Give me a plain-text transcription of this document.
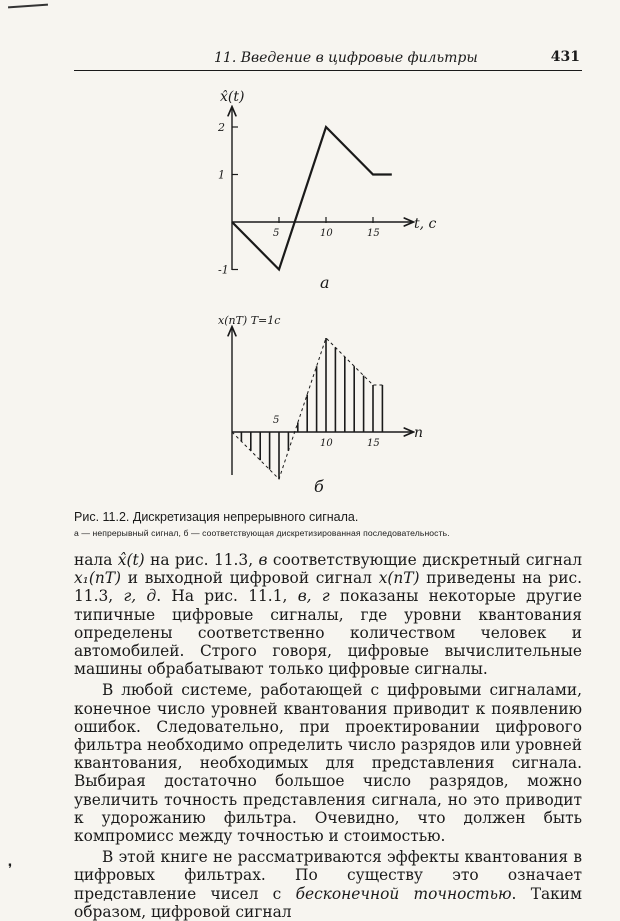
11. Введение в цифровые фильтры	431
5	10	15
2
1
-1
x̂(t)
t, с
а
5
10	15
x(nT) T=1с
n
б
Рис. 11.2. Дискретизация непрерывного сигнала.
а — непрерывный сигнал, б — соответствующая дискретизированная последовательность.

нала x̂(t) на рис. 11.3, в соответствующие дискретный сигнал x₁(nT) и выходной цифровой сигнал x(nT) приведены на рис. 11.3, г, д. На рис. 11.1, в, г показаны некоторые другие типичные цифровые сигналы, где уровни квантования определены соответственно количеством человек и автомобилей. Строго говоря, цифровые вычислительные машины обрабатывают только цифровые сигналы.

В любой системе, работающей с цифровыми сигналами, конечное число уровней квантования приводит к появлению ошибок. Следовательно, при проектировании цифрового фильтра необходимо определить число разрядов или уровней квантования, необходимых для представления сигнала. Выбирая достаточно большое число разрядов, можно увеличить точность представления сигнала, но это приводит к удорожанию фильтра. Очевидно, что должен быть компромисс между точностью и стоимостью.

В этой книге не рассматриваются эффекты квантования в цифровых фильтрах. По существу это означает представление чисел с бесконечной точностью. Таким образом, цифровой сигнал

❜
